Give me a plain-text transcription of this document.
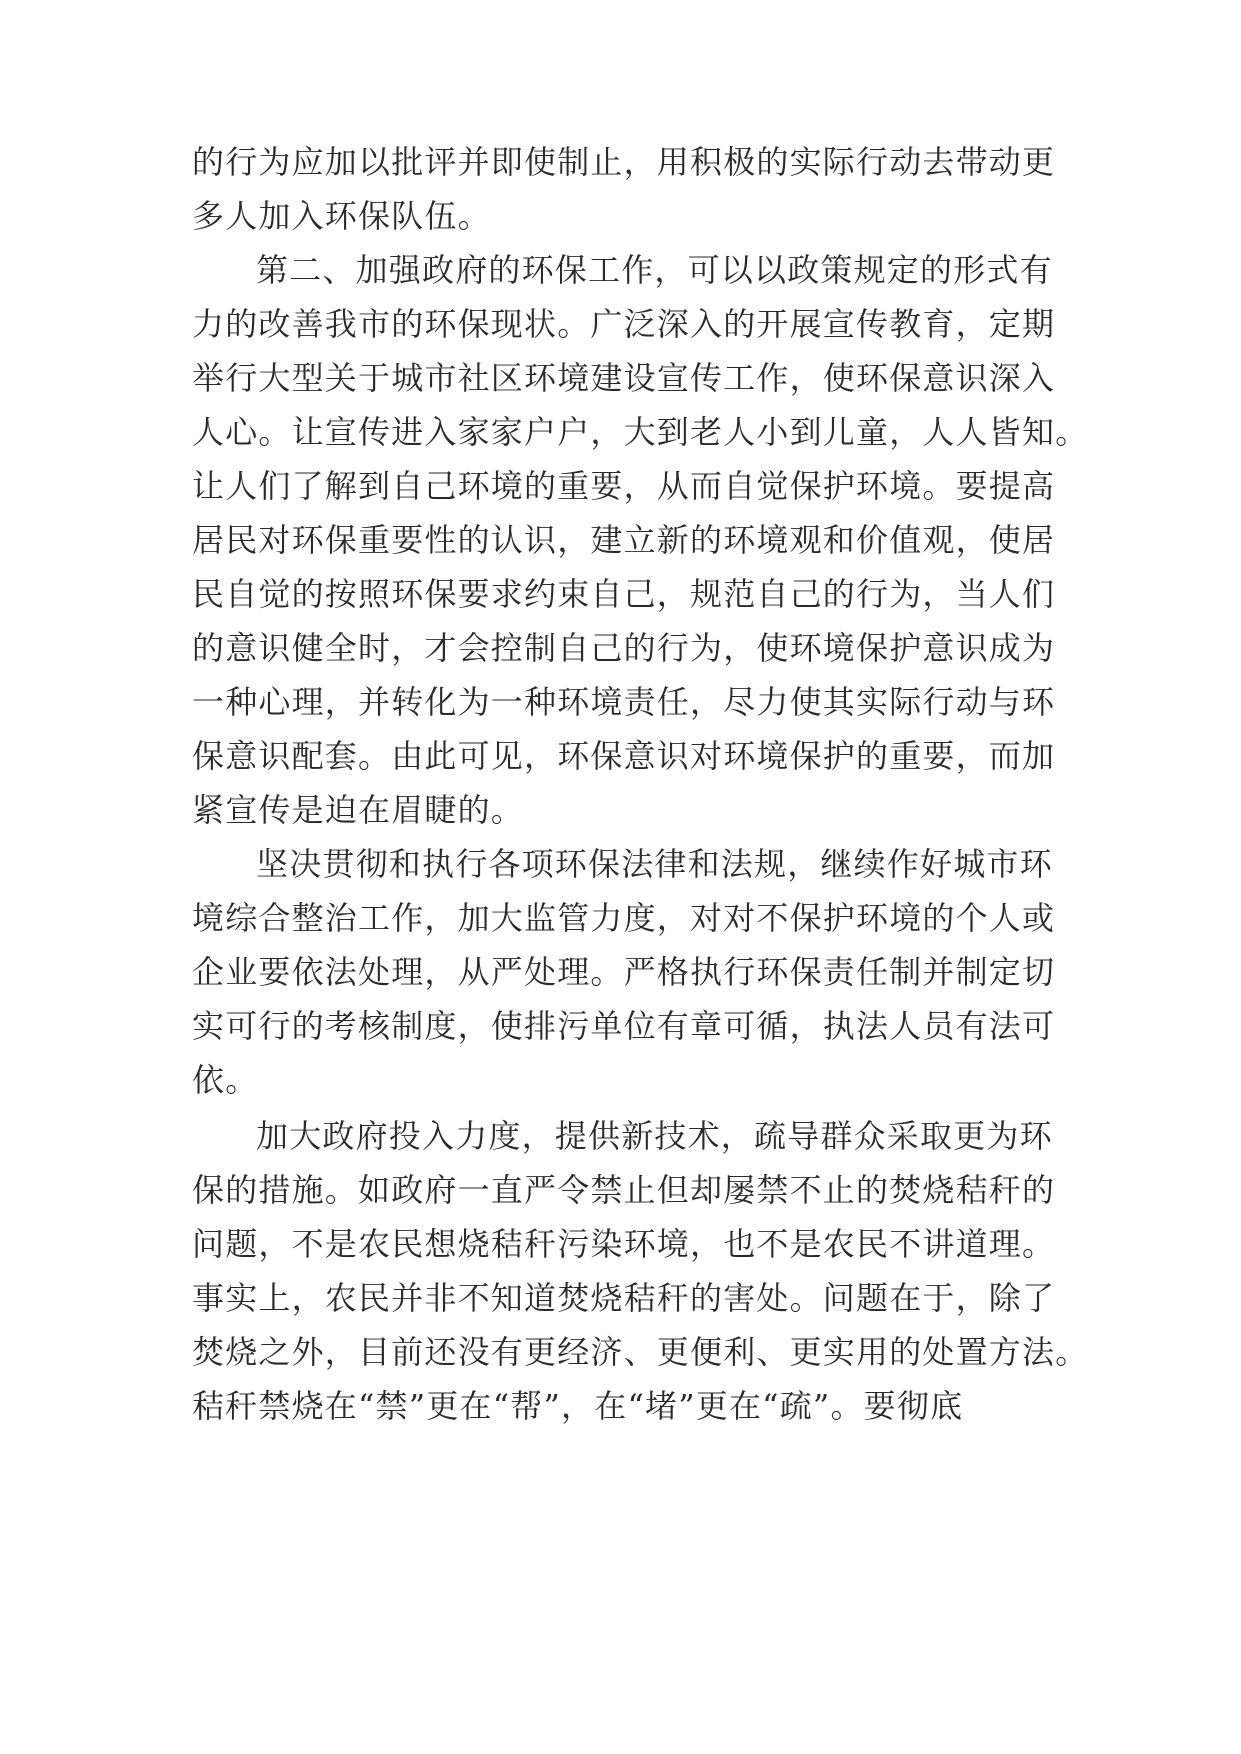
的行为应加以批评并即使制止，用积极的实际行动去带动更
多人加入环保队伍。
第二、加强政府的环保工作，可以以政策规定的形式有
力的改善我市的环保现状。广泛深入的开展宣传教育，定期
举行大型关于城市社区环境建设宣传工作，使环保意识深入
人心。让宣传进入家家户户，大到老人小到儿童，人人皆知。
让人们了解到自己环境的重要，从而自觉保护环境。要提高
居民对环保重要性的认识，建立新的环境观和价值观，使居
民自觉的按照环保要求约束自己，规范自己的行为，当人们
的意识健全时，才会控制自己的行为，使环境保护意识成为
一种心理，并转化为一种环境责任，尽力使其实际行动与环
保意识配套。由此可见，环保意识对环境保护的重要，而加
紧宣传是迫在眉睫的。
坚决贯彻和执行各项环保法律和法规，继续作好城市环
境综合整治工作，加大监管力度，对对不保护环境的个人或
企业要依法处理，从严处理。严格执行环保责任制并制定切
实可行的考核制度，使排污单位有章可循，执法人员有法可
依。
加大政府投入力度，提供新技术，疏导群众采取更为环
保的措施。如政府一直严令禁止但却屡禁不止的焚烧秸秆的
问题，不是农民想烧秸秆污染环境，也不是农民不讲道理。
事实上，农民并非不知道焚烧秸秆的害处。问题在于，除了
焚烧之外，目前还没有更经济、更便利、更实用的处置方法。
秸秆禁烧在“禁”更在“帮”，在“堵”更在“疏”。要彻底
